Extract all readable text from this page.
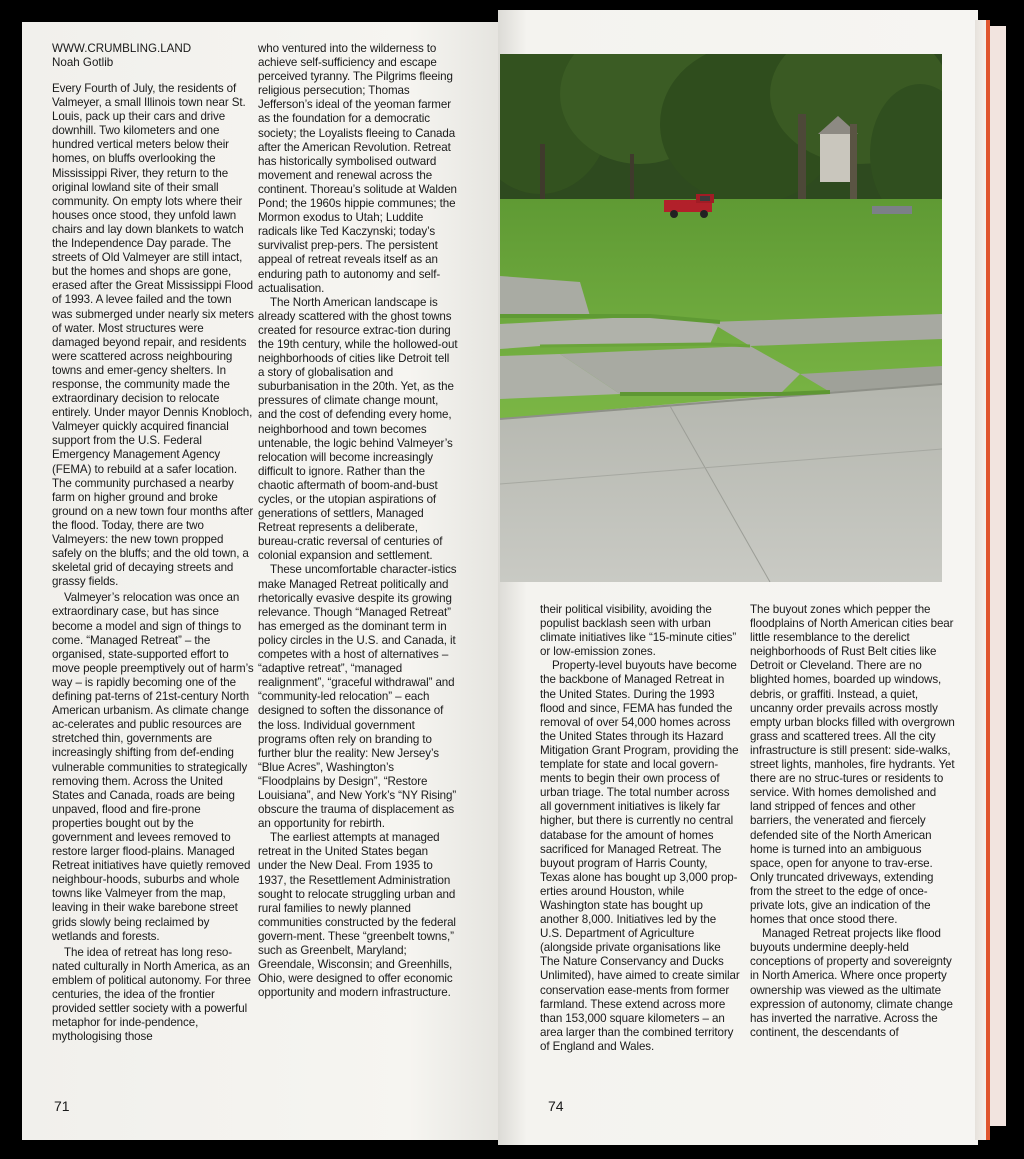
WWW.CRUMBLING.LAND
Noah Gotlib

Every Fourth of July, the residents of Valmeyer, a small Illinois town near St. Louis, pack up their cars and drive downhill. Two kilometers and one hundred vertical meters below their homes, on bluffs overlooking the Mississippi River, they return to the original lowland site of their small community. On empty lots where their houses once stood, they unfold lawn chairs and lay down blankets to watch the Independence Day parade. The streets of Old Valmeyer are still intact, but the homes and shops are gone, erased after the Great Mississippi Flood of 1993. A levee failed and the town was submerged under nearly six meters of water. Most structures were damaged beyond repair, and residents were scattered across neighbouring towns and emer-gency shelters. In response, the community made the extraordinary decision to relocate entirely. Under mayor Dennis Knobloch, Valmeyer quickly acquired financial support from the U.S. Federal Emergency Management Agency (FEMA) to rebuild at a safer location. The community purchased a nearby farm on higher ground and broke ground on a new town four months after the flood. Today, there are two Valmeyers: the new town propped safely on the bluffs; and the old town, a skeletal grid of decaying streets and grassy fields.

Valmeyer’s relocation was once an extraordinary case, but has since become a model and sign of things to come. “Managed Retreat” – the organised, state-supported effort to move people preemptively out of harm’s way – is rapidly becoming one of the defining pat-terns of 21st-century North American urbanism. As climate change ac-celerates and public resources are stretched thin, governments are increasingly shifting from def-ending vulnerable communities to strategically removing them. Across the United States and Canada, roads are being unpaved, flood and fire-prone properties bought out by the government and levees removed to restore larger flood-plains. Managed Retreat initiatives have quietly removed neighbour-hoods, suburbs and whole towns like Valmeyer from the map, leaving in their wake barebone street grids slowly being reclaimed by wetlands and forests.

The idea of retreat has long reso-nated culturally in North America, as an emblem of political autonomy. For three centuries, the idea of the frontier provided settler society with a powerful metaphor for inde-pendence, mythologising those

who ventured into the wilderness to achieve self-sufficiency and escape perceived tyranny. The Pilgrims fleeing religious persecution; Thomas Jefferson’s ideal of the yeoman farmer as the foundation for a democratic society; the Loyalists fleeing to Canada after the American Revolution. Retreat has historically symbolised outward movement and renewal across the continent. Thoreau’s solitude at Walden Pond; the 1960s hippie communes; the Mormon exodus to Utah; Luddite radicals like Ted Kaczynski; today’s survivalist prep-pers. The persistent appeal of retreat reveals itself as an enduring path to autonomy and self-actualisation.

The North American landscape is already scattered with the ghost towns created for resource extrac-tion during the 19th century, while the hollowed-out neighborhoods of cities like Detroit tell a story of globalisation and suburbanisation in the 20th. Yet, as the pressures of climate change mount, and the cost of defending every home, neighborhood and town becomes untenable, the logic behind Valmeyer’s relocation will become increasingly difficult to ignore. Rather than the chaotic aftermath of boom-and-bust cycles, or the utopian aspirations of generations of settlers, Managed Retreat represents a deliberate, bureau-cratic reversal of centuries of colonial expansion and settlement.

These uncomfortable character-istics make Managed Retreat politically and rhetorically evasive despite its growing relevance. Though “Managed Retreat” has emerged as the dominant term in policy circles in the U.S. and Canada, it competes with a host of alternatives – “adaptive retreat”, “managed realignment”, “graceful withdrawal” and “community-led relocation” – each designed to soften the dissonance of the loss. Individual government programs often rely on branding to further blur the reality: New Jersey’s “Blue Acres”, Washington’s “Floodplains by Design”, “Restore Louisiana”, and New York’s “NY Rising” obscure the trauma of displacement as an opportunity for rebirth.

The earliest attempts at managed retreat in the United States began under the New Deal. From 1935 to 1937, the Resettlement Administration sought to relocate struggling urban and rural families to newly planned communities constructed by the federal govern-ment. These “greenbelt towns,” such as Greenbelt, Maryland; Greendale, Wisconsin; and Greenhills, Ohio, were designed to offer economic opportunity and modern infrastructure.

their political visibility, avoiding the populist backlash seen with urban climate initiatives like “15-minute cities” or low-emission zones.

Property-level buyouts have become the backbone of Managed Retreat in the United States. During the 1993 flood and since, FEMA has funded the removal of over 54,000 homes across the United States through its Hazard Mitigation Grant Program, providing the template for state and local govern-ments to begin their own process of urban triage. The total number across all government initiatives is likely far higher, but there is currently no central database for the amount of homes sacrificed for Managed Retreat. The buyout program of Harris County, Texas alone has bought up 3,000 prop-erties around Houston, while Washington state has bought up another 8,000. Initiatives led by the U.S. Department of Agriculture (alongside private organisations like The Nature Conservancy and Ducks Unlimited), have aimed to create similar conservation ease-ments from former farmland. These extend across more than 153,000 square kilometers – an area larger than the combined territory of England and Wales.

The buyout zones which pepper the floodplains of North American cities bear little resemblance to the derelict neighborhoods of Rust Belt cities like Detroit or Cleveland. There are no blighted homes, boarded up windows, debris, or graffiti. Instead, a quiet, uncanny order prevails across mostly empty urban blocks filled with overgrown grass and scattered trees. All the city infrastructure is still present: side-walks, street lights, manholes, fire hydrants. Yet there are no struc-tures or residents to service. With homes demolished and land stripped of fences and other barriers, the venerated and fiercely defended site of the North American home is turned into an ambiguous space, open for anyone to trav-erse. Only truncated driveways, extending from the street to the edge of once-private lots, give an indication of the homes that once stood there.

Managed Retreat projects like flood buyouts undermine deeply-held conceptions of property and sovereignty in North America. Where once property ownership was viewed as the ultimate expression of autonomy, climate change has inverted the narrative. Across the continent, the descendants of

71	74
